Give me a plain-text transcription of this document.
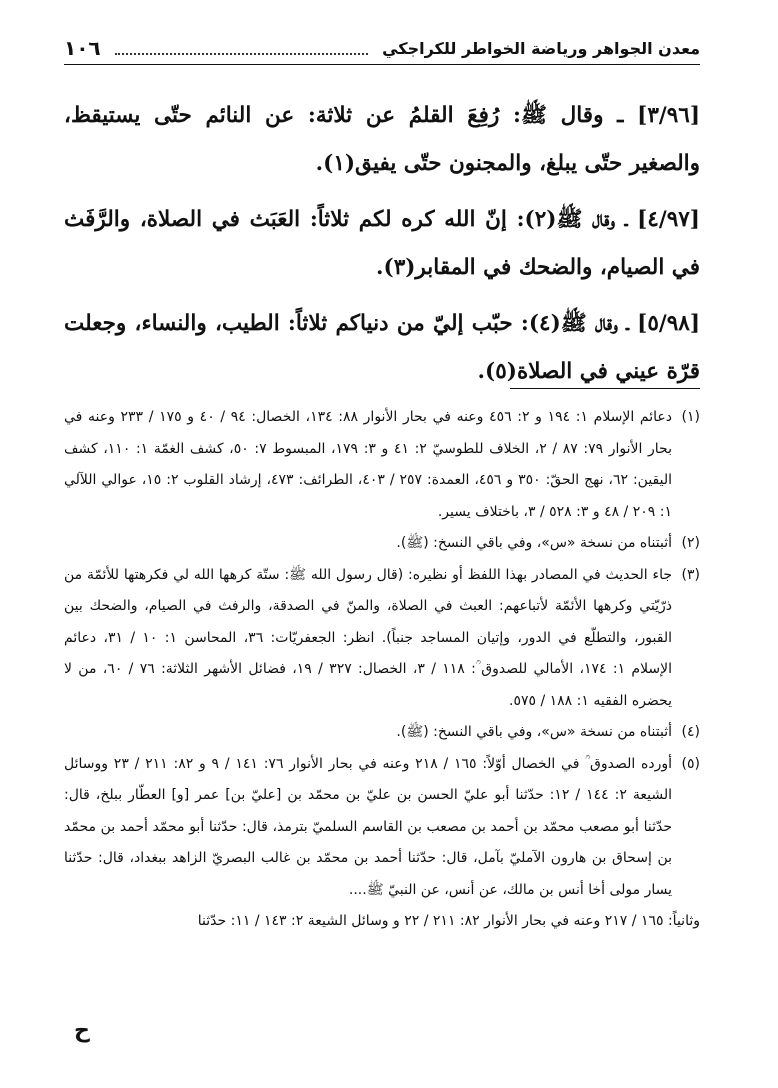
معدن الجواهر ورياضة الخواطر للكراجكي
١٠٦

[٣/٩٦] ـ وقال ﷺ: رُفِعَ القلمُ عن ثلاثة: عن النائم حتّى يستيقظ، والصغير حتّى يبلغ، والمجنون حتّى يفيق(١).

[٤/٩٧] ـ وقال ﷺ(٢): إنّ الله كره لكم ثلاثاً: العَبَث في الصلاة، والرَّفَث في الصيام، والضحك في المقابر(٣).

[٥/٩٨] ـ وقال ﷺ(٤): حبّب إليّ من دنياكم ثلاثاً: الطيب، والنساء، وجعلت قرّة عيني في الصلاة(٥).

(١)
دعائم الإسلام ١: ١٩٤ و ٢: ٤٥٦ وعنه في بحار الأنوار ٨٨: ١٣٤، الخصال: ٩٤ / ٤٠ و ١٧٥ / ٢٣٣ وعنه في بحار الأنوار ٧٩: ٨٧ / ٢، الخلاف للطوسيّ ٢: ٤١ و ٣: ١٧٩، المبسوط ٧: ٥٠، كشف الغمّة ١: ١١٠، كشف اليقين: ٦٢، نهج الحقّ: ٣٥٠ و ٤٥٦، العمدة: ٢٥٧ / ٤٠٣، الطرائف: ٤٧٣، إرشاد القلوب ٢: ١٥، عوالي اللآلي ١: ٢٠٩ / ٤٨ و ٣: ٥٢٨ / ٣، باختلاف يسير.
(٢)
أثبتناه من نسخة «س»، وفي باقي النسخ: (ﷺ).
(٣)
جاء الحديث في المصادر بهذا اللفظ أو نظيره: (قال رسول الله ﷺ: ستّة كرهها الله لي فكرهتها للأئمّة من ذرّيّتي وكرهها الأئمّة لأتباعهم: العبث في الصلاة، والمنّ في الصدقة، والرفث في الصيام، والضحك بين القبور، والتطلّع في الدور، وإتيان المساجد جنباً). انظر: الجعفريّات: ٣٦، المحاسن ١: ١٠ / ٣١، دعائم الإسلام ١: ١٧٤، الأمالي للصدوق ؒ: ١١٨ / ٣، الخصال: ٣٢٧ / ١٩، فضائل الأشهر الثلاثة: ٧٦ / ٦٠، من لا يحضره الفقيه ١: ١٨٨ / ٥٧٥.
(٤)
أثبتناه من نسخة «س»، وفي باقي النسخ: (ﷺ).
(٥)
أورده الصدوق ؒ في الخصال أوّلاً: ١٦٥ / ٢١٨ وعنه في بحار الأنوار ٧٦: ١٤١ / ٩ و ٨٢: ٢١١ / ٢٣ ووسائل الشيعة ٢: ١٤٤ / ١٢: حدّثنا أبو عليّ الحسن بن عليّ بن محمّد بن [عليّ بن] عمر [و] العطّار ببلخ، قال: حدّثنا أبو مصعب محمّد بن أحمد بن مصعب بن القاسم السلميّ بترمذ، قال: حدّثنا أبو محمّد أحمد بن محمّد بن إسحاق بن هارون الآمليّ بآمل، قال: حدّثنا أحمد بن محمّد بن غالب البصريّ الزاهد ببغداد، قال: حدّثنا يسار مولى أخا أنس بن مالك، عن أنس، عن النبيّ ﷺ....
وثانياً: ١٦٥ / ٢١٧ وعنه في بحار الأنوار ٨٢: ٢١١ / ٢٢ و وسائل الشيعة ٢: ١٤٣ / ١١: حدّثنا
ح
